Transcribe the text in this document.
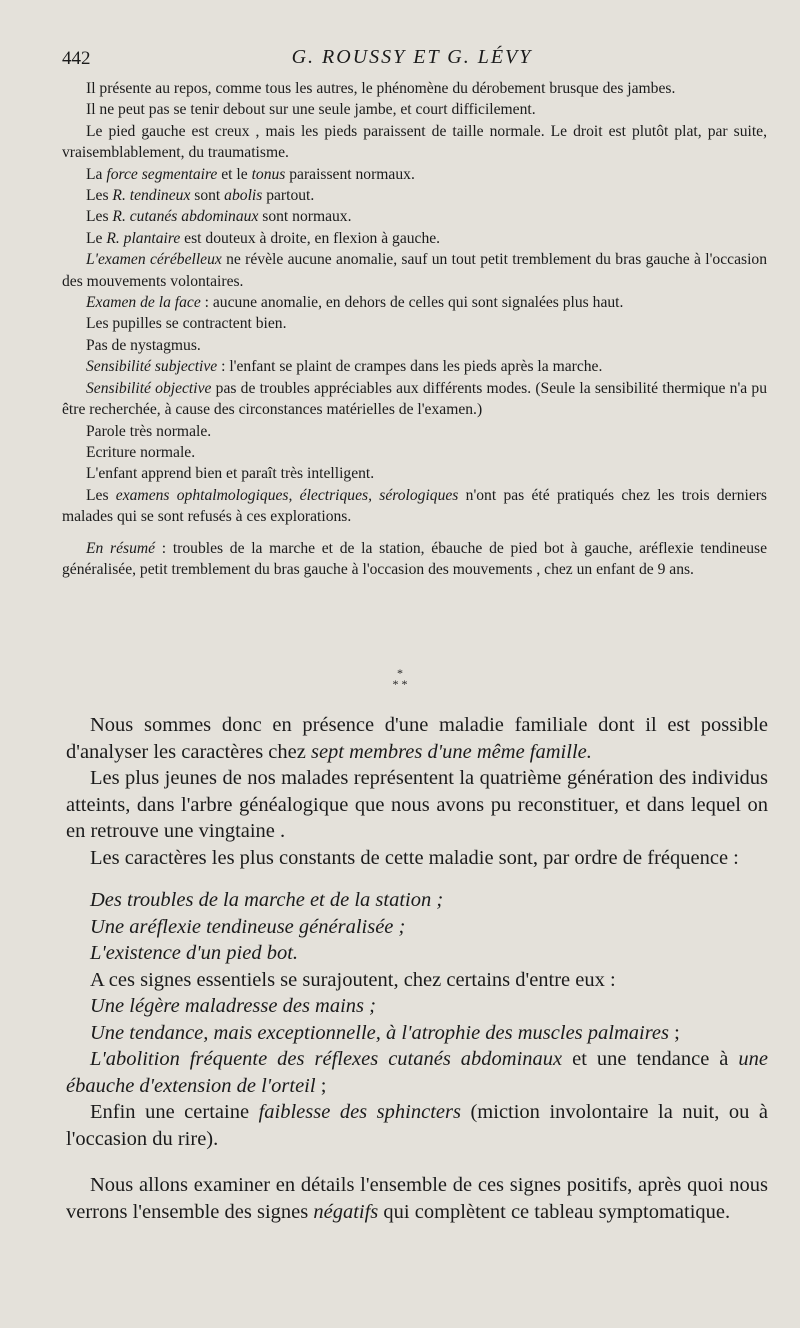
442	G. ROUSSY ET G. LÉVY

Il présente au repos, comme tous les autres, le phénomène du dérobement brusque des jambes.

Il ne peut pas se tenir debout sur une seule jambe, et court difficilement.

Le pied gauche est creux , mais les pieds paraissent de taille normale. Le droit est plutôt plat, par suite, vraisemblablement, du traumatisme.

La force segmentaire et le tonus paraissent normaux.

Les R. tendineux sont abolis partout.

Les R. cutanés abdominaux sont normaux.

Le R. plantaire est douteux à droite, en flexion à gauche.

L'examen cérébelleux ne révèle aucune anomalie, sauf un tout petit tremblement du bras gauche à l'occasion des mouvements volontaires.

Examen de la face : aucune anomalie, en dehors de celles qui sont signalées plus haut.

Les pupilles se contractent bien.

Pas de nystagmus.

Sensibilité subjective : l'enfant se plaint de crampes dans les pieds après la marche.

Sensibilité objective pas de troubles appréciables aux différents modes. (Seule la sensibilité thermique n'a pu être recherchée, à cause des circonstances matérielles de l'examen.)

Parole très normale.

Ecriture normale.

L'enfant apprend bien et paraît très intelligent.

Les examens ophtalmologiques, électriques, sérologiques n'ont pas été pratiqués chez les trois derniers malades qui se sont refusés à ces explorations.

En résumé : troubles de la marche et de la station, ébauche de pied bot à gauche, aréflexie tendineuse généralisée, petit tremblement du bras gauche à l'occasion des mouvements , chez un enfant de 9 ans.

*
* *

Nous sommes donc en présence d'une maladie familiale dont il est possible d'analyser les caractères chez sept membres d'une même famille.

Les plus jeunes de nos malades représentent la quatrième génération des individus atteints, dans l'arbre généalogique que nous avons pu reconstituer, et dans lequel on en retrouve une vingtaine .

Les caractères les plus constants de cette maladie sont, par ordre de fréquence :

Des troubles de la marche et de la station ;

Une aréflexie tendineuse généralisée ;

L'existence d'un pied bot.

A ces signes essentiels se surajoutent, chez certains d'entre eux :

Une légère maladresse des mains ;

Une tendance, mais exceptionnelle, à l'atrophie des muscles palmaires ;

L'abolition fréquente des réflexes cutanés abdominaux et une tendance à une ébauche d'extension de l'orteil ;

Enfin une certaine faiblesse des sphincters (miction involontaire la nuit, ou à l'occasion du rire).

Nous allons examiner en détails l'ensemble de ces signes positifs, après quoi nous verrons l'ensemble des signes négatifs qui complètent ce tableau symptomatique.
